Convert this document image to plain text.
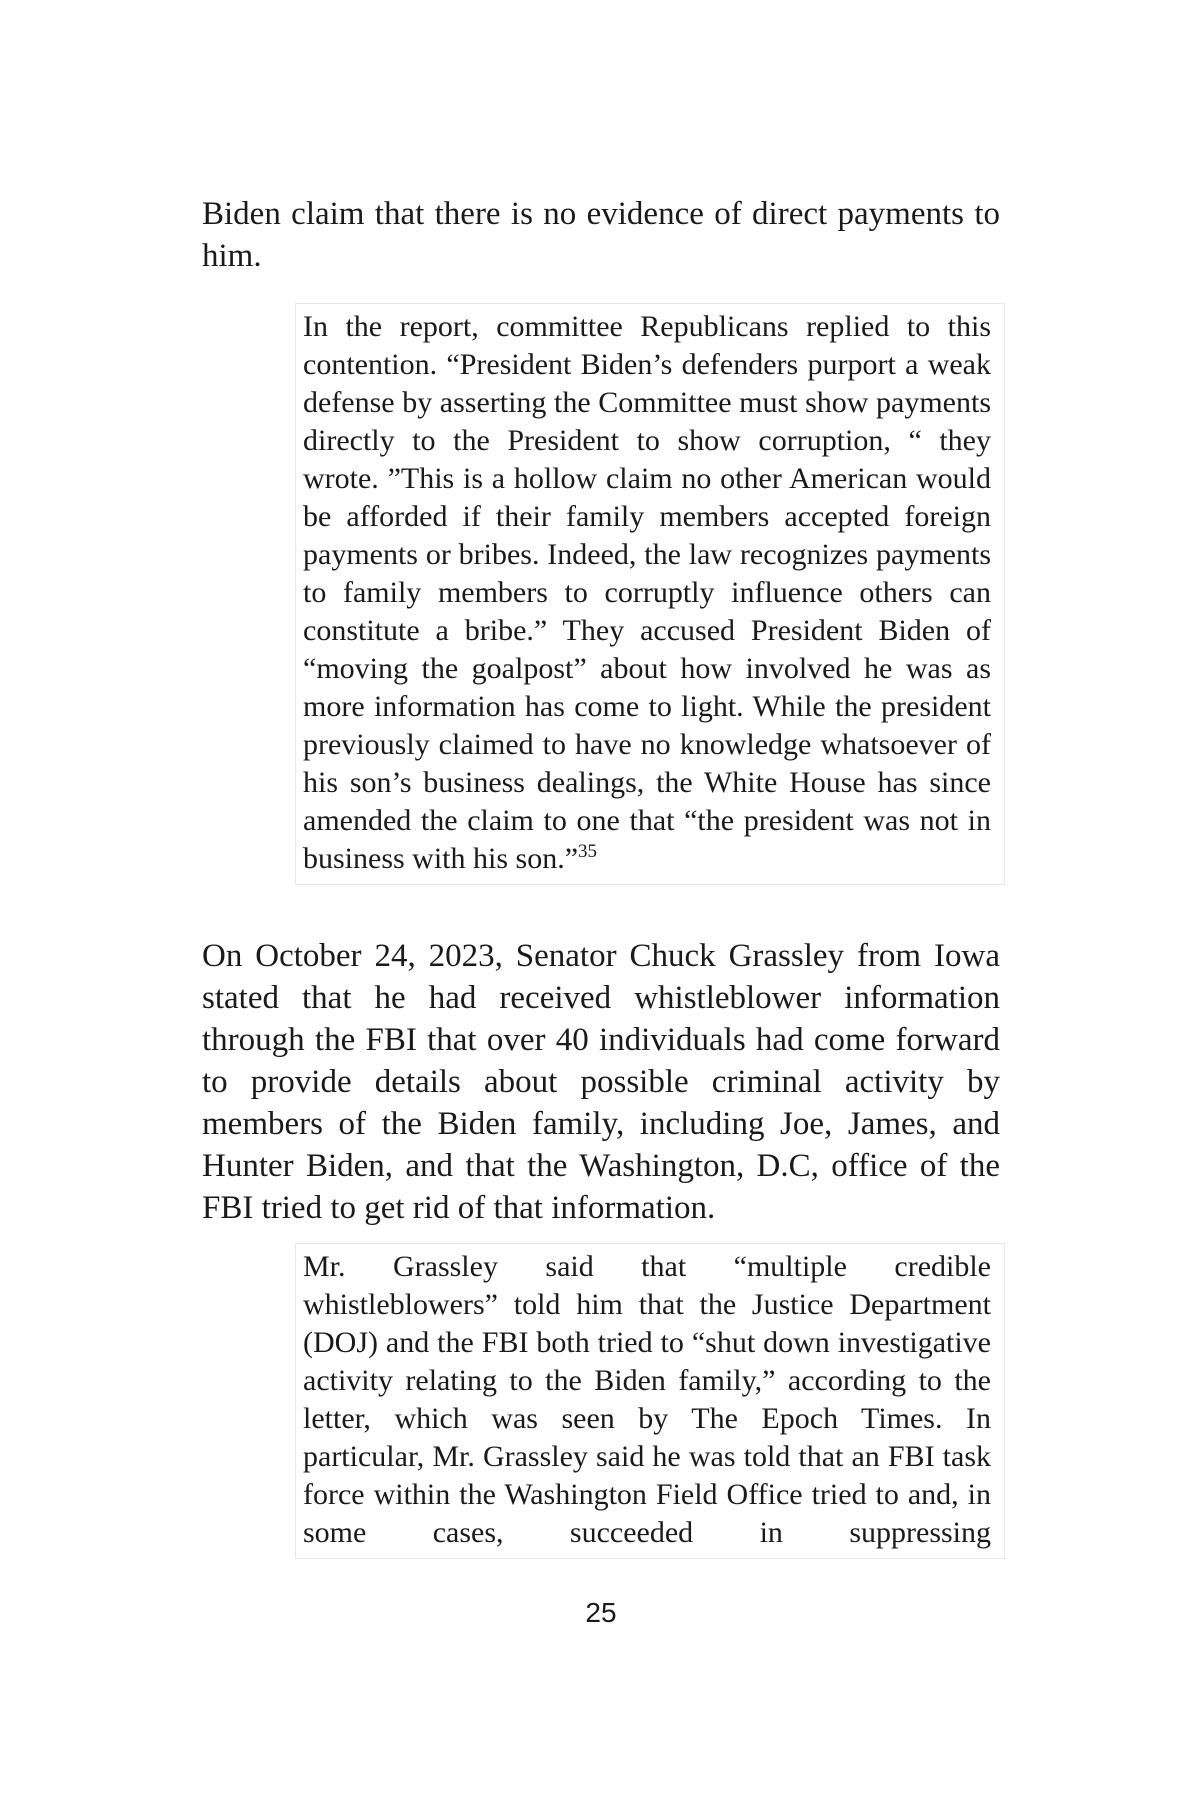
Biden claim that there is no evidence of direct payments to him.

In the report, committee Republicans replied to this contention. “President Biden’s defenders purport a weak defense by asserting the Committee must show payments directly to the President to show corruption, “ they wrote. ”This is a hollow claim no other American would be afforded if their family members accepted foreign payments or bribes. Indeed, the law recognizes payments to family members to corruptly influence others can constitute a bribe.” They accused President Biden of “moving the goalpost” about how involved he was as more information has come to light. While the president previously claimed to have no knowledge whatsoever of his son’s business dealings, the White House has since amended the claim to one that “the president was not in business with his son.”$^{35}$

On October 24, 2023, Senator Chuck Grassley from Iowa stated that he had received whistleblower information through the FBI that over 40 individuals had come forward to provide details about possible criminal activity by members of the Biden family, including Joe, James, and Hunter Biden, and that the Washington, D.C, office of the FBI tried to get rid of that information.

Mr. Grassley said that “multiple credible whistleblowers” told him that the Justice Department (DOJ) and the FBI both tried to “shut down investigative activity relating to the Biden family,” according to the letter, which was seen by The Epoch Times. In particular, Mr. Grassley said he was told that an FBI task force within the Washington Field Office tried to and, in some cases, succeeded in suppressing

25
